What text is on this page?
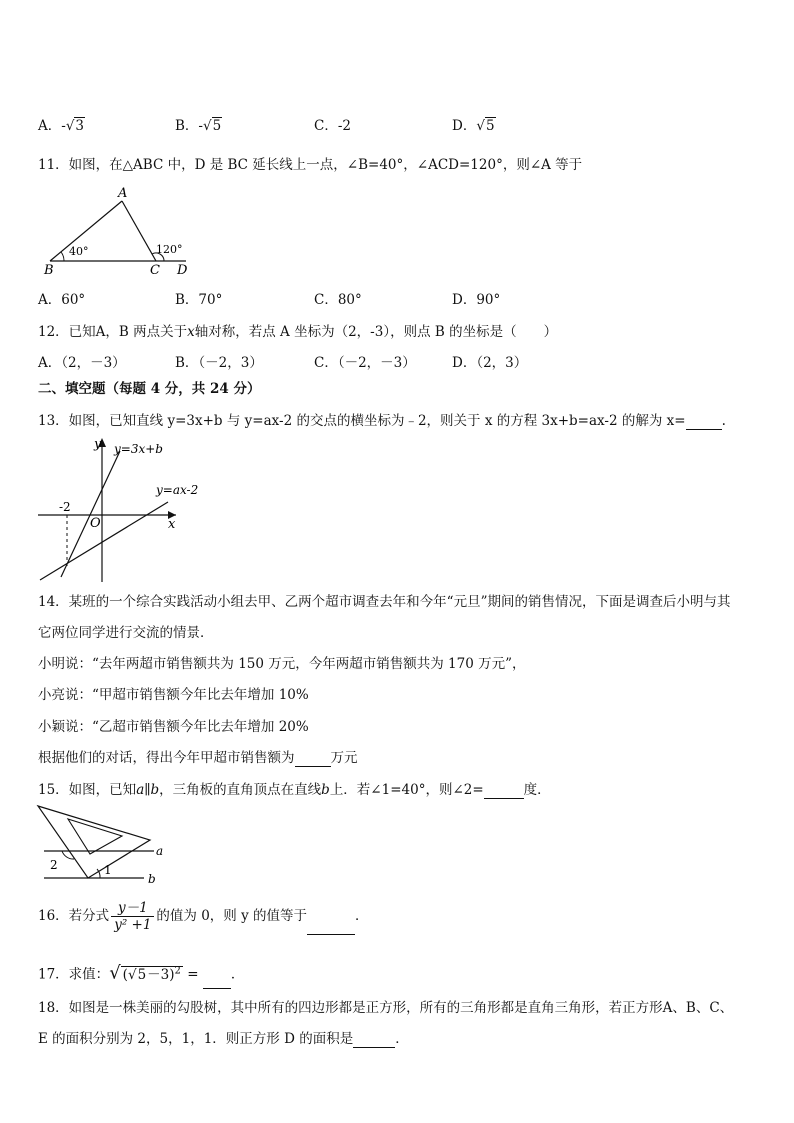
A．-√3	B．-√5	C．-2	D．√5
11．如图，在△ABC 中，D 是 BC 延长线上一点，∠B=40°，∠ACD=120°，则∠A 等于
A
B	C D
40°	120°
A．60°	B．70°	C．80°	D．90°
12．已知A，B 两点关于x轴对称，若点 A 坐标为（2，-3），则点 B 的坐标是（　　）
A．（2，－3）	B．（－2，3）	C．（－2，－3）	D．（2，3）
二、填空题（每题 4 分，共 24 分）
13．如图，已知直线 y=3x+b 与 y=ax-2 的交点的横坐标为﹣2，则关于 x 的方程 3x+b=ax-2 的解为 x=	.
y
x
O
-2
y=3x+b
y=ax-2
14．某班的一个综合实践活动小组去甲、乙两个超市调查去年和今年“元旦”期间的销售情况，下面是调查后小明与其
它两位同学进行交流的情景．
小明说：“去年两超市销售额共为 150 万元，今年两超市销售额共为 170 万元”，
小亮说：“甲超市销售额今年比去年增加 10%
小颖说：“乙超市销售额今年比去年增加 20%
根据他们的对话，得出今年甲超市销售额为	万元
15．如图，已知a∥b，三角板的直角顶点在直线b上．若∠1=40°，则∠2=	度．
a
b
1
2
16．若分式 $\frac{y-1}{\text{y² +1}}$ 的值为 0，则 y 的值等于	．
17．求值：√ $(√5-3)^2$ = ．
18．如图是一株美丽的勾股树，其中所有的四边形都是正方形，所有的三角形都是直角三角形，若正方形A、B、C、
E 的面积分别为 2，5，1，1．则正方形 D 的面积是	．
